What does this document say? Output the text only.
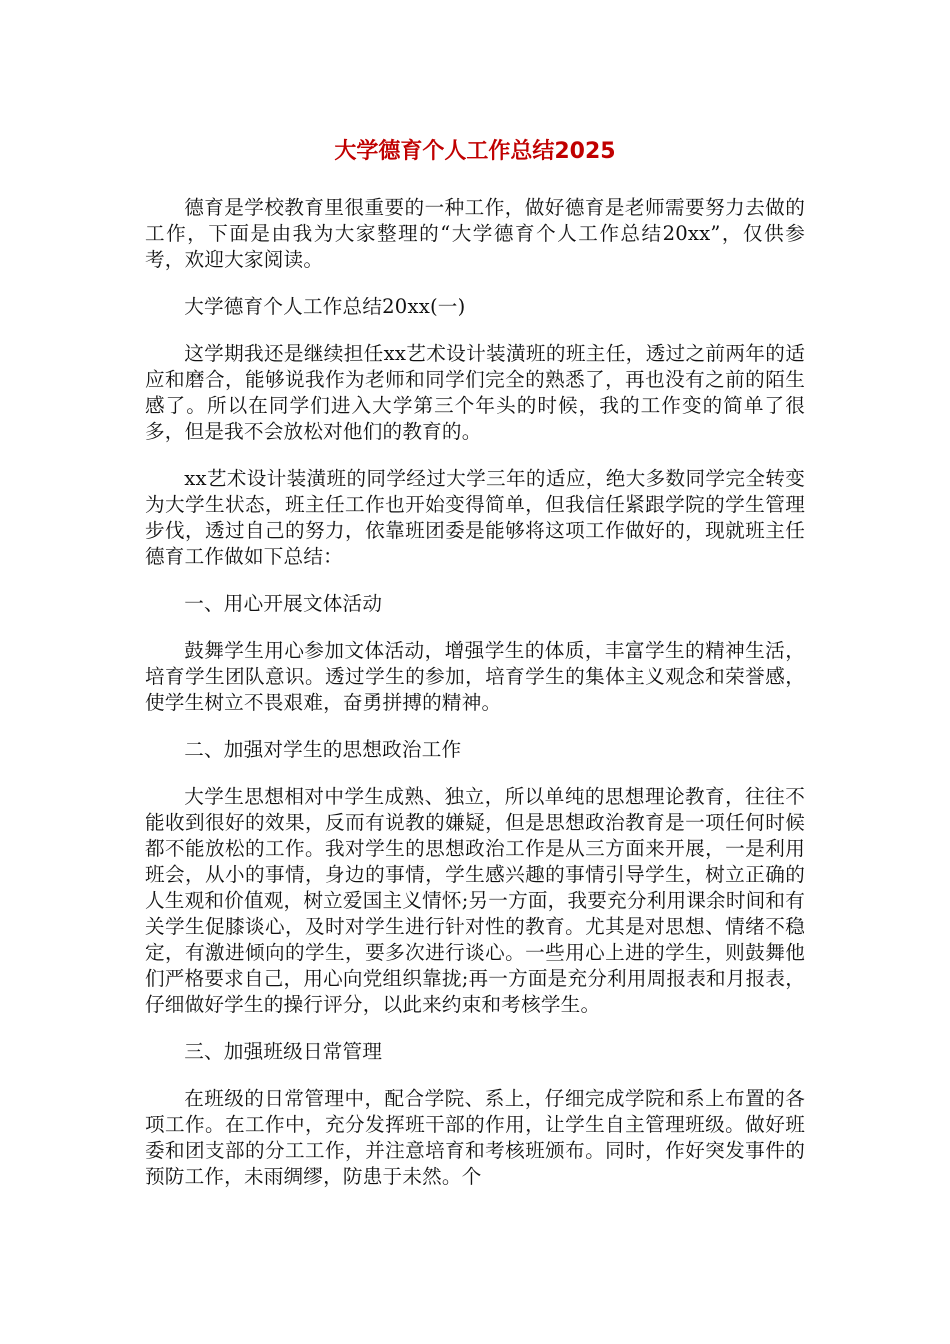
大学德育个人工作总结2025

德育是学校教育里很重要的一种工作，做好德育是老师需要努力去做的工作，下面是由我为大家整理的“大学德育个人工作总结20xx”，仅供参考，欢迎大家阅读。

大学德育个人工作总结20xx(一)

这学期我还是继续担任xx艺术设计装潢班的班主任，透过之前两年的适应和磨合，能够说我作为老师和同学们完全的熟悉了，再也没有之前的陌生感了。所以在同学们进入大学第三个年头的时候，我的工作变的简单了很多，但是我不会放松对他们的教育的。

xx艺术设计装潢班的同学经过大学三年的适应，绝大多数同学完全转变为大学生状态，班主任工作也开始变得简单，但我信任紧跟学院的学生管理步伐，透过自己的努力，依靠班团委是能够将这项工作做好的，现就班主任德育工作做如下总结：

一、用心开展文体活动

鼓舞学生用心参加文体活动，增强学生的体质，丰富学生的精神生活，培育学生团队意识。透过学生的参加，培育学生的集体主义观念和荣誉感，使学生树立不畏艰难，奋勇拼搏的精神。

二、加强对学生的思想政治工作

大学生思想相对中学生成熟、独立，所以单纯的思想理论教育，往往不能收到很好的效果，反而有说教的嫌疑，但是思想政治教育是一项任何时候都不能放松的工作。我对学生的思想政治工作是从三方面来开展，一是利用班会，从小的事情，身边的事情，学生感兴趣的事情引导学生，树立正确的人生观和价值观，树立爱国主义情怀;另一方面，我要充分利用课余时间和有关学生促膝谈心，及时对学生进行针对性的教育。尤其是对思想、情绪不稳定，有激进倾向的学生，要多次进行谈心。一些用心上进的学生，则鼓舞他们严格要求自己，用心向党组织靠拢;再一方面是充分利用周报表和月报表，仔细做好学生的操行评分，以此来约束和考核学生。

三、加强班级日常管理

在班级的日常管理中，配合学院、系上，仔细完成学院和系上布置的各项工作。在工作中，充分发挥班干部的作用，让学生自主管理班级。做好班委和团支部的分工工作，并注意培育和考核班颁布。同时，作好突发事件的预防工作，未雨绸缪，防患于未然。个
